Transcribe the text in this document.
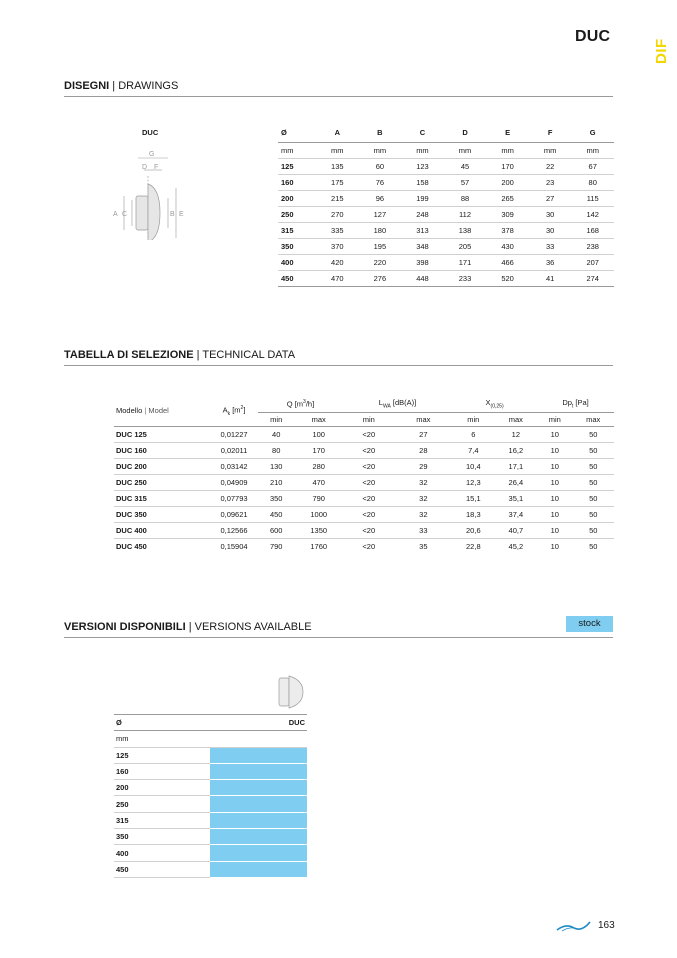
DUC
DIF
DISEGNI | DRAWINGS
DUC
G
D F
A C	B E
Ø	A	B	C	D	E	F	G
mm	mm	mm	mm	mm	mm	mm	mm
125	135	60	123	45	170	22	67
160	175	76	158	57	200	23	80
200	215	96	199	88	265	27	115
250	270	127	248	112	309	30	142
315	335	180	313	138	378	30	168
350	370	195	348	205	430	33	238
400	420	220	398	171	466	36	207
450	470	276	448	233	520	41	274
TABELLA DI SELEZIONE | TECHNICAL DATA
Modello | Model	$A_k$ $[m^2]$	Q $[m^3/h]$		$L_{WA}$ [dB(A)]		$X_{(0,25)}$		$Dp_t$ [Pa]	
		min	max	min	max	min	max	min	max
DUC 125	0,01227	40	100	<20	27	6	12	10	50
DUC 160	0,02011	80	170	<20	28	7,4	16,2	10	50
DUC 200	0,03142	130	280	<20	29	10,4	17,1	10	50
DUC 250	0,04909	210	470	<20	32	12,3	26,4	10	50
DUC 315	0,07793	350	790	<20	32	15,1	35,1	10	50
DUC 350	0,09621	450	1000	<20	32	18,3	37,4	10	50
DUC 400	0,12566	600	1350	<20	33	20,6	40,7	10	50
DUC 450	0,15904	790	1760	<20	35	22,8	45,2	10	50
VERSIONI DISPONIBILI | VERSIONS AVAILABLE	stock
Ø	DUC
mm	
125	
160	
200	
250	
315	
350	
400	
450	
163
